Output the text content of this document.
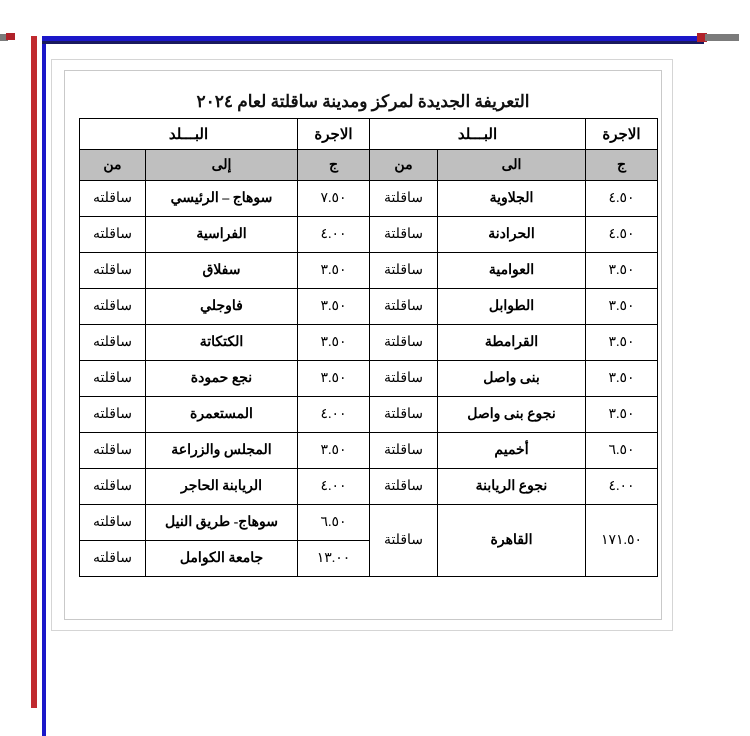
التعريفة الجديدة لمركز ومدينة ساقلتة لعام ٢٠٢٤
الاجرة	البـــلد		الاجرة	البـــلد	
ج	الى	من	ج	إلى	من
٤.٥٠	الجلاوية	ساقلتة	٧.٥٠	سوهاج – الرئيسي	ساقلته
٤.٥٠	الحرادنة	ساقلتة	٤.٠٠	الفراسية	ساقلته
٣.٥٠	العوامية	ساقلتة	٣.٥٠	سفلاق	ساقلته
٣.٥٠	الطوابل	ساقلتة	٣.٥٠	فاوجلي	ساقلته
٣.٥٠	القرامطة	ساقلتة	٣.٥٠	الكتكاتة	ساقلته
٣.٥٠	بنى واصل	ساقلتة	٣.٥٠	نجع حمودة	ساقلته
٣.٥٠	نجوع بنى واصل	ساقلتة	٤.٠٠	المستعمرة	ساقلته
٦.٥٠	أخميم	ساقلتة	٣.٥٠	المجلس والزراعة	ساقلته
٤.٠٠	نجوع الريابنة	ساقلتة	٤.٠٠	الريابنة الحاجر	ساقلته
١٧١.٥٠	القاهرة	ساقلتة	٦.٥٠	سوهاج- طريق النيل	ساقلته
			١٣.٠٠	جامعة الكوامل	ساقلته
